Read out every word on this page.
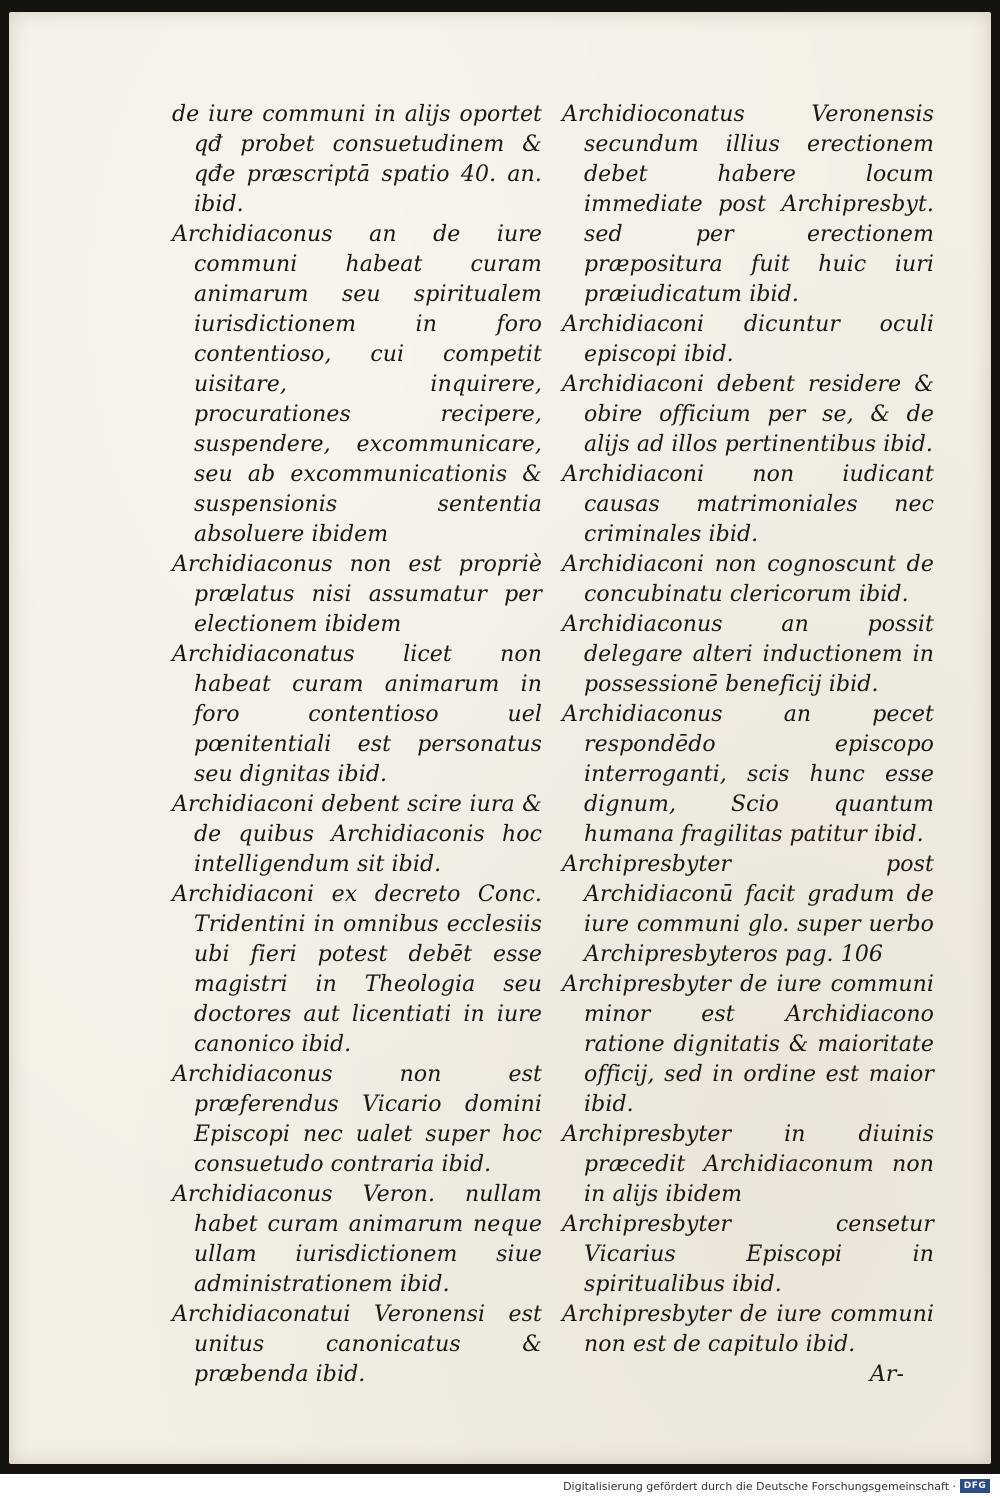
de iure communi in alijs oportet qđ probet consuetudinem & qđe præscriptā spatio 40. an. ibid.

Archidiaconus an de iure communi habeat curam animarum seu spiritualem iurisdictionem in foro contentioso, cui competit uisitare, inquirere, procurationes recipere, suspendere, excommunicare, seu ab excommunicationis & suspensionis sententia absoluere ibidem

Archidiaconus non est propriè prælatus nisi assumatur per electionem ibidem

Archidiaconatus licet non habeat curam animarum in foro contentioso uel pœnitentiali est personatus seu dignitas ibid.

Archidiaconi debent scire iura & de quibus Archidiaconis hoc intelligendum sit ibid.

Archidiaconi ex decreto Conc. Tridentini in omnibus ecclesiis ubi fieri potest debēt esse magistri in Theologia seu doctores aut licentiati in iure canonico ibid.

Archidiaconus non est præferendus Vicario domini Episcopi nec ualet super hoc consuetudo contraria ibid.

Archidiaconus Veron. nullam habet curam animarum neque ullam iurisdictionem siue administrationem ibid.

Archidiaconatui Veronensi est unitus canonicatus & præbenda ibid.

Archidioconatus Veronensis secundum illius erectionem debet habere locum immediate post Archipresbyt. sed per erectionem præpositura fuit huic iuri præiudicatum ibid.

Archidiaconi dicuntur oculi episcopi ibid.

Archidiaconi debent residere & obire officium per se, & de alijs ad illos pertinentibus ibid.

Archidiaconi non iudicant causas matrimoniales nec criminales ibid.

Archidiaconi non cognoscunt de concubinatu clericorum ibid.

Archidiaconus an possit delegare alteri inductionem in possessionē beneficij ibid.

Archidiaconus an pecet respondēdo episcopo interroganti, scis hunc esse dignum, Scio quantum humana fragilitas patitur ibid.

Archipresbyter post Archidiaconū facit gradum de iure communi glo. super uerbo Archipresbyteros pag. 106

Archipresbyter de iure communi minor est Archidiacono ratione dignitatis & maioritate officij, sed in ordine est maior ibid.

Archipresbyter in diuinis præcedit Archidiaconum non in alijs ibidem

Archipresbyter censetur Vicarius Episcopi in spiritualibus ibid.

Archipresbyter de iure communi non est de capitulo ibid.

Ar-

Digitalisierung gefördert durch die Deutsche Forschungsgemeinschaft · DFG
